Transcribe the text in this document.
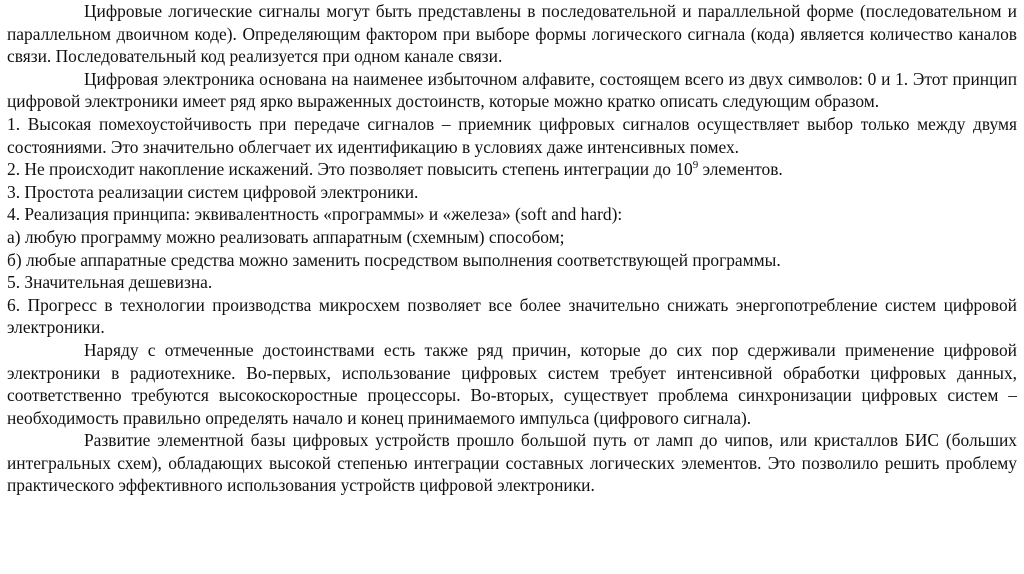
Цифровые логические сигналы могут быть представлены в последовательной и параллельной форме (последовательном и параллельном двоичном коде). Определяющим фактором при выборе формы логического сигнала (кода) является количество каналов связи. Последовательный код реализуется при одном канале связи.

Цифровая электроника основана на наименее избыточном алфавите, состоящем всего из двух символов: 0 и 1. Этот принцип цифровой электроники имеет ряд ярко выраженных достоинств, которые можно кратко описать следующим образом.

1. Высокая помехоустойчивость при передаче сигналов – приемник цифровых сигналов осуществляет выбор только между двумя состояниями. Это значительно облегчает их идентификацию в условиях даже интенсивных помех.

2. Не происходит накопление искажений. Это позволяет повысить степень интеграции до $10^9$ элементов.

3. Простота реализации систем цифровой электроники.

4. Реализация принципа: эквивалентность «программы» и «железа» (soft and hard):

а) любую программу можно реализовать аппаратным (схемным) способом;

б) любые аппаратные средства можно заменить посредством выполнения соответствующей программы.

5. Значительная дешевизна.

6. Прогресс в технологии производства микросхем позволяет все более значительно снижать энергопотребление систем цифровой электроники.

Наряду с отмеченные достоинствами есть также ряд причин, которые до сих пор сдерживали применение цифровой электроники в радиотехнике. Во-первых, использование цифровых систем требует интенсивной обработки цифровых данных, соответственно требуются высокоскоростные процессоры. Во-вторых, существует проблема синхронизации цифровых систем – необходимость правильно определять начало и конец принимаемого импульса (цифрового сигнала).

Развитие элементной базы цифровых устройств прошло большой путь от ламп до чипов, или кристаллов БИС (больших интегральных схем), обладающих высокой степенью интеграции составных логических элементов. Это позволило решить проблему практического эффективного использования устройств цифровой электроники.
